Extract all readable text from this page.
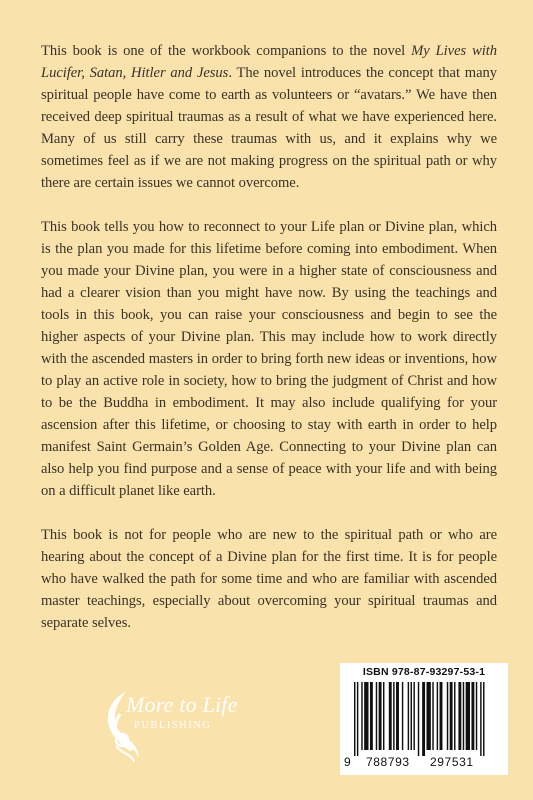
This book is one of the workbook companions to the novel My Lives with Lucifer, Satan, Hitler and Jesus. The novel introduces the concept that many spiritual people have come to earth as volunteers or “avatars.” We have then received deep spiritual traumas as a result of what we have experienced here. Many of us still carry these traumas with us, and it explains why we sometimes feel as if we are not making progress on the spiritual path or why there are certain issues we cannot overcome.

This book tells you how to reconnect to your Life plan or Divine plan, which is the plan you made for this lifetime before coming into embodiment. When you made your Divine plan, you were in a higher state of consciousness and had a clearer vision than you might have now. By using the teachings and tools in this book, you can raise your consciousness and begin to see the higher aspects of your Divine plan. This may include how to work directly with the ascended masters in order to bring forth new ideas or inventions, how to play an active role in society, how to bring the judgment of Christ and how to be the Buddha in embodiment. It may also include qualifying for your ascension after this lifetime, or choosing to stay with earth in order to help manifest Saint Germain’s Golden Age. Connecting to your Divine plan can also help you find purpose and a sense of peace with your life and with being on a difficult planet like earth.

This book is not for people who are new to the spiritual path or who are hearing about the concept of a Divine plan for the first time. It is for people who have walked the path for some time and who are familiar with ascended master teachings, especially about overcoming your spiritual traumas and separate selves.

More to Life
PUBLISHING
ISBN 978-87-93297-53-1
9 788793 297531
